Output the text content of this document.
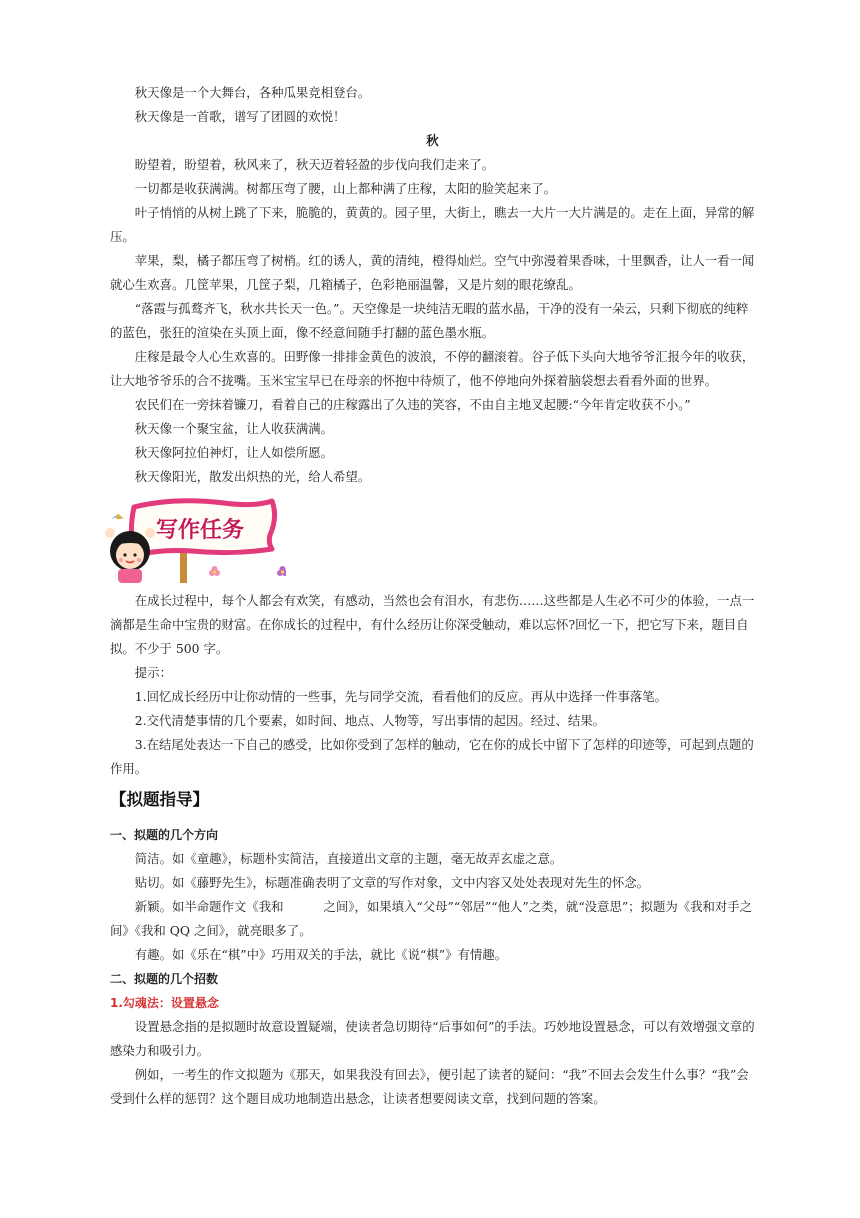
秋天像是一个大舞台，各种瓜果竞相登台。

秋天像是一首歌，谱写了团圆的欢悦！

秋

盼望着，盼望着，秋风来了，秋天迈着轻盈的步伐向我们走来了。

一切都是收获满满。树都压弯了腰，山上都种满了庄稼，太阳的脸笑起来了。

叶子悄悄的从树上跳了下来，脆脆的，黄黄的。园子里，大街上，瞧去一大片一大片满是的。走在上面，异常的解压。

苹果，梨，橘子都压弯了树梢。红的诱人，黄的清纯，橙得灿烂。空气中弥漫着果香味，十里飘香，让人一看一闻就心生欢喜。几筐苹果，几筐子梨，几箱橘子，色彩艳丽温馨，又是片刻的眼花缭乱。

“落霞与孤鹜齐飞，秋水共长天一色。”。天空像是一块纯洁无暇的蓝水晶，干净的没有一朵云，只剩下彻底的纯粹的蓝色，张狂的渲染在头顶上面，像不经意间随手打翻的蓝色墨水瓶。

庄稼是最令人心生欢喜的。田野像一排排金黄色的波浪，不停的翻滚着。谷子低下头向大地爷爷汇报今年的收获，让大地爷爷乐的合不拢嘴。玉米宝宝早已在母亲的怀抱中待烦了，他不停地向外探着脑袋想去看看外面的世界。

农民们在一旁抹着镰刀，看着自己的庄稼露出了久违的笑容，不由自主地叉起腰:“今年肯定收获不小。”

秋天像一个聚宝盆，让人收获满满。

秋天像阿拉伯神灯，让人如偿所愿。

秋天像阳光，散发出炽热的光，给人希望。

写作任务

在成长过程中，每个人都会有欢笑，有感动，当然也会有泪水，有悲伤……这些都是人生必不可少的体验，一点一滴都是生命中宝贵的财富。在你成长的过程中，有什么经历让你深受触动，难以忘怀?回忆一下，把它写下来，题目自拟。不少于 500 字。

提示：

1.回忆成长经历中让你动情的一些事，先与同学交流，看看他们的反应。再从中选择一件事落笔。

2.交代清楚事情的几个要素，如时间、地点、人物等，写出事情的起因。经过、结果。

3.在结尾处表达一下自己的感受，比如你受到了怎样的触动，它在你的成长中留下了怎样的印迹等，可起到点题的作用。

【拟题指导】

一、拟题的几个方向

简洁。如《童趣》，标题朴实简洁，直接道出文章的主题，毫无故弄玄虚之意。

贴切。如《藤野先生》，标题准确表明了文章的写作对象，文中内容又处处表现对先生的怀念。

新颖。如半命题作文《我和	之间》，如果填入“父母”“邻居”“他人”之类，就“没意思”；拟题为《我和对手之间》《我和 QQ 之间》，就亮眼多了。

有趣。如《乐在“棋”中》巧用双关的手法，就比《说“棋”》有情趣。

二、拟题的几个招数

1.勾魂法：设置悬念

设置悬念指的是拟题时故意设置疑端，使读者急切期待“后事如何”的手法。巧妙地设置悬念，可以有效增强文章的感染力和吸引力。

例如，一考生的作文拟题为《那天，如果我没有回去》，便引起了读者的疑问：“我”不回去会发生什么事？“我”会受到什么样的惩罚？这个题目成功地制造出悬念，让读者想要阅读文章，找到问题的答案。
